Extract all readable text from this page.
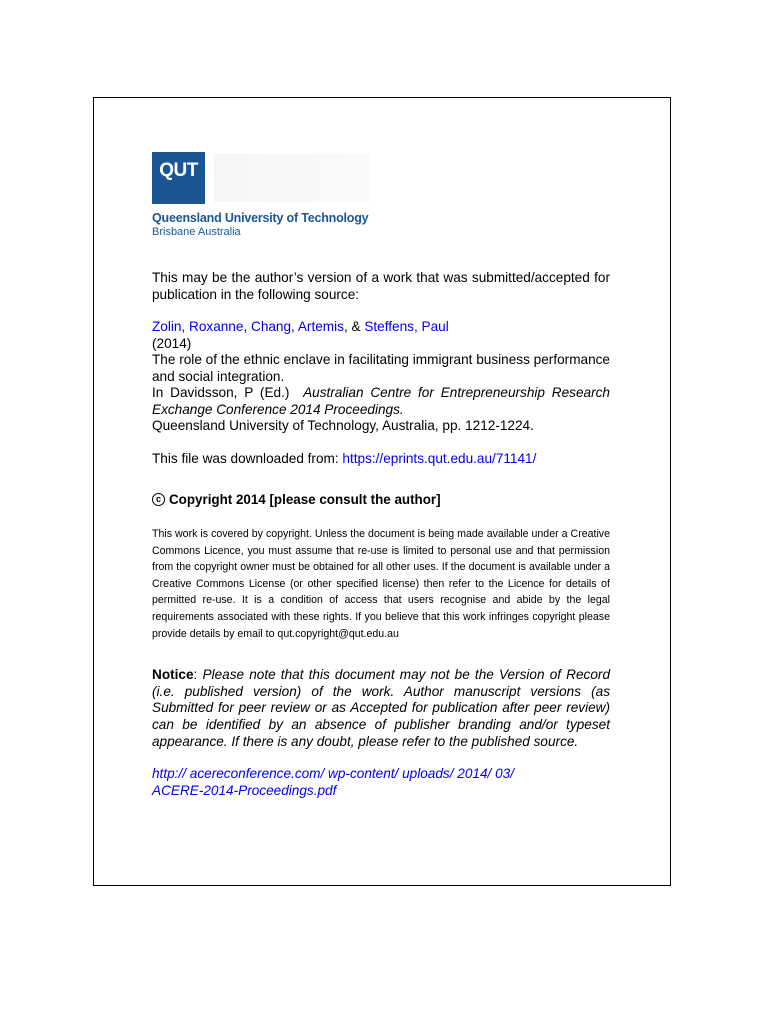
QUT
Queensland University of Technology
Brisbane Australia
This may be the author’s version of a work that was submitted/accepted for publication in the following source:
Zolin, Roxanne, Chang, Artemis, & Steffens, Paul
(2014)
The role of the ethnic enclave in facilitating immigrant business performance and social integration.
In Davidsson, P (Ed.) Australian Centre for Entrepreneurship Research Exchange Conference 2014 Proceedings.
Queensland University of Technology, Australia, pp. 1212-1224.
This file was downloaded from: https://eprints.qut.edu.au/71141/
c Copyright 2014 [please consult the author]
This work is covered by copyright. Unless the document is being made available under a Creative Commons Licence, you must assume that re-use is limited to personal use and that permission from the copyright owner must be obtained for all other uses. If the document is available under a Creative Commons License (or other specified license) then refer to the Licence for details of permitted re-use. It is a condition of access that users recognise and abide by the legal requirements associated with these rights. If you believe that this work infringes copyright please provide details by email to qut.copyright@qut.edu.au
Notice: Please note that this document may not be the Version of Record (i.e. published version) of the work. Author manuscript versions (as Submitted for peer review or as Accepted for publication after peer review) can be identified by an absence of publisher branding and/or typeset appearance. If there is any doubt, please refer to the published source.
http:// acereconference.com/ wp-content/ uploads/ 2014/ 03/
ACERE-2014-Proceedings.pdf
